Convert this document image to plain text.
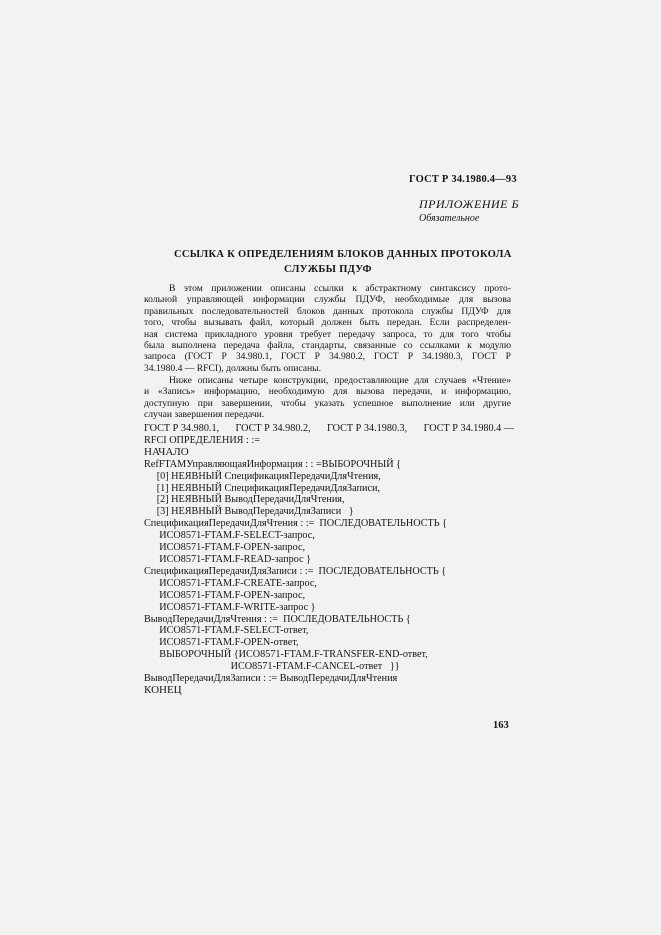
ГОСТ Р 34.1980.4—93
ПРИЛОЖЕНИЕ Б
Обязательное
ССЫЛКА К ОПРЕДЕЛЕНИЯМ БЛОКОВ ДАННЫХ ПРОТОКОЛА
СЛУЖБЫ ПДУФ
В этом приложении описаны ссылки к абстрактному синтаксису прото-
кольной управляющей информации службы ПДУФ, необходимые для вызова
правильных последовательностей блоков данных протокола службы ПДУФ для
того, чтобы вызывать файл, который должен быть передан. Если распределен-
ная система прикладного уровня требует передачу запроса, то для того чтобы
была выполнена передача файла, стандарты, связанные со ссылками к модулю
запроса (ГОСТ Р 34.980.1, ГОСТ Р 34.980.2, ГОСТ Р 34.1980.3, ГОСТ Р
34.1980.4 — RFCI), должны быть описаны.
Ниже описаны четыре конструкции, предоставляющие для случаев «Чтение»
и «Запись» информацию, необходимую для вызова передачи, и информацию,
доступную при завершении, чтобы указать успешное выполнение или другие
случаи завершения передачи.
ГОСТ Р 34.980.1, ГОСТ Р 34.980.2, ГОСТ Р 34.1980.3, ГОСТ Р 34.1980.4 —
RFCI ОПРЕДЕЛЕНИЯ : :=
НАЧАЛО
RefFTAMУправляющаяИнформация : : =ВЫБОРОЧНЫЙ {
[0] НЕЯВНЫЙ СпецификацияПередачиДляЧтения,
[1] НЕЯВНЫЙ СпецификацияПередачиДляЗаписи,
[2] НЕЯВНЫЙ ВыводПередачиДляЧтения,
[3] НЕЯВНЫЙ ВыводПередачиДляЗаписи   }
СпецификацияПередачиДляЧтения : :=  ПОСЛЕДОВАТЕЛЬНОСТЬ {
ИСО8571-FTAM.F-SELECT-запрос,
ИСО8571-FTAM.F-OPEN-запрос,
ИСО8571-FTAM.F-READ-запрос }
СпецификацияПередачиДляЗаписи : :=  ПОСЛЕДОВАТЕЛЬНОСТЬ {
ИСО8571-FTAM.F-CREATE-запрос,
ИСО8571-FTAM.F-OPEN-запрос,
ИСО8571-FTAM.F-WRITE-запрос }
ВыводПередачиДляЧтения : :=  ПОСЛЕДОВАТЕЛЬНОСТЬ {
ИСО8571-FTAM.F-SELECT-ответ,
ИСО8571-FTAM.F-OPEN-ответ,
ВЫБОРОЧНЫЙ {ИСО8571-FTAM.F-TRANSFER-END-ответ,
ИСО8571-FTAM.F-CANCEL-ответ   }}
ВыводПередачиДляЗаписи : := ВыводПередачиДляЧтения
КОНЕЦ
163
